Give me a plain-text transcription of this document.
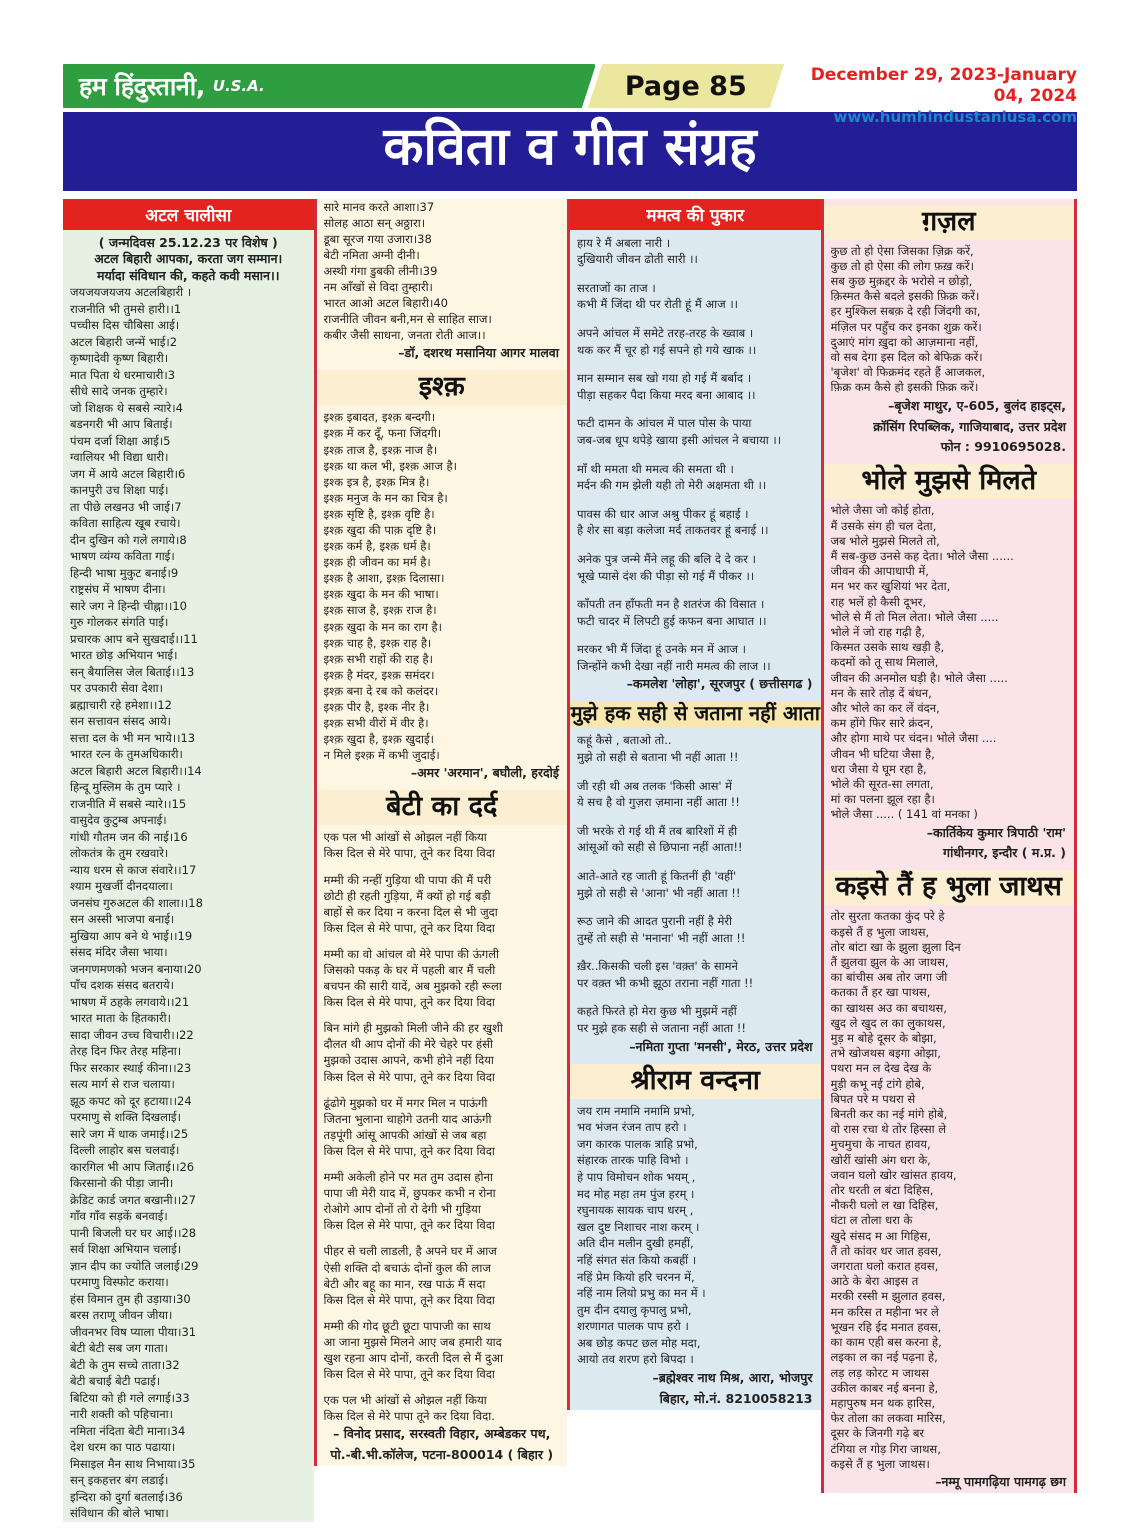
हम हिंदुस्तानी, U.S.A.	Page 85	December 29, 2023-January 04, 2024
www.humhindustaniusa.com
कविता व गीत संग्रह
अटल चालीसा
( जन्मदिवस 25.12.23 पर विशेष )
अटल बिहारी आपका, करता जग सम्मान।
मर्यादा संविधान की, कहते कवी मसान।।
जयजयजयजय अटलबिहारी ।
राजनीति भी तुमसे हारी।।1
पच्चीस दिस चौबिसा आई।
अटल बिहारी जन्में भाई।2
कृष्णादेवी कृष्ण बिहारी।
मात पिता थे धरमाचारी।3
सीधे सादे जनक तुम्हारे।
जो शिक्षक थे सबसे न्यारे।4
बडनगरी भी आप बिताई।
पंचम दर्जा शिक्षा आई।5
ग्वालियर भी विद्या धारी।
जग में आये अटल बिहारी।6
कानपुरी उच शिक्षा पाई।
ता पीछे लखनउ भी जाई।7
कविता साहित्य खूब रचाये।
दीन दुखिन को गले लगाये।8
भाषण व्यंग्य कविता गाई।
हिन्दी भाषा मुकुट बनाई।9
राष्ट्रसंघ में भाषण दीना।
सारे जग ने हिन्दी चीह्ना।।10
गुरु गोलकर संगति पाई।
प्रचारक आप बने सुखदाई।।11
भारत छोड़ अभियान भाई।
सन् बैयालिस जेल बिताई।।13
पर उपकारी सेवा देशा।
ब्रह्माचारी रहे हमेशा।।12
सन सत्तावन संसद आये।
सत्ता दल के भी मन भाये।।13
भारत रत्न के तुमअधिकारी।
अटल बिहारी अटल बिहारी।।14
हिन्दू मुस्लिम के तुम प्यारे ।
राजनीति में सबसे न्यारे।।15
वासुदेव कुटुम्ब अपनाई।
गांधी गौतम जन की नाई।16
लोकतंत्र के तुम रखवारे।
न्याय धरम से काज संवारे।।17
श्याम मुखर्जी दीनदयाला।
जनसंघ गुरुअटल की शाला।।18
सन अस्सी भाजपा बनाई।
मुखिया आप बने थे भाई।।19
संसद मंदिर जैसा भाया।
जनगणमणको भजन बनाया।20
पाँच दशक संसद बतराये।
भाषण में ठहके लगवाये।।21
भारत माता के हितकारी।
सादा जीवन उच्च विचारी।।22
तेरह दिन फिर तेरह महिना।
फिर सरकार स्थाई कीना।।23
सत्य मार्ग से राज चलाया।
झूठ कपट को दूर हटाया।।24
परमाणु से शक्ति दिखलाई।
सारे जग में धाक जमाई।।25
दिल्ली लाहोर बस चलवाई।
कारगिल भी आप जिताई।।26
किरसानो की पीड़ा जानी।
क्रेडिट कार्ड जगत बखानी।।27
गाँव गाँव सड़कें बनवाई।
पानी बिजली घर घर आई।।28
सर्व शिक्षा अभियान चलाई।
ज्ञान दीप का ज्योति जलाई।29
परमाणु विस्फोट कराया।
हंस विमान तुम ही उड़ाया।30
बरस तराणू जीवन जीया।
जीवनभर विष प्याला पीया।31
बेटी बेटी सब जग गाता।
बेटी के तुम सच्चे ताता।32
बेटी बचाई बेटी पढाई।
बिटिया को ही गले लगाई।33
नारी शक्ती को पहिचाना।
नमिता नंदिता बेटी माना।34
देश धरम का पाठ पढाया।
मिसाइल मैन साथ निभाया।35
सन् इकहत्तर बंग लडाई।
इन्दिरा को दुर्गा बतलाई।36
संविधान की बोले भाषा।
सारे मानव करते आशा।37
सोलह आठा सन् अठ्ठारा।
डूबा सूरज गया उजारा।38
बेटी नमिता अग्नी दीनी।
अस्थी गंगा डुबकी लीनी।39
नम आँखों से विदा तुम्हारी।
भारत आओ अटल बिहारी।40
राजनीति जीवन बनी,मन से साहित साज।
कबीर जैसी साधना, जनता रोती आज।।
–डॉ, दशरथ मसानिया आगर मालवा
इश्क़
इश्क़ इबादत, इश्क़ बन्दगी।
इश्क़ में कर दूँ, फना जिंदगी।
इश्क़ ताज है, इश्क़ नाज है।
इश्क़ था कल भी, इश्क़ आज है।
इश्क इत्र है, इश्क़ मित्र है।
इश्क़ मनुज के मन का चित्र है।
इश्क़ सृष्टि है, इश्क़ वृष्टि है।
इश्क़ खुदा की पाक़ दृष्टि है।
इश्क़ कर्म है, इश्क़ धर्म है।
इश्क़ ही जीवन का मर्म है।
इश्क़ है आशा, इश्क़ दिलासा।
इश्क़ खुदा के मन की भाषा।
इश्क़ साज है, इश्क़ राज है।
इश्क़ खुदा के मन का राग है।
इश्क़ चाह है, इश्क़ राह है।
इश्क़ सभी राहों की राह है।
इश्क़ है मंदर, इश्क़ समंदर।
इश्क़ बना दे रब को कलंदर।
इश्क़ पीर है, इश्क नीर है।
इश्क़ सभी वीरों में वीर है।
इश्क़ खुदा है, इश्क़ खुदाई।
न मिले इश्क़ में कभी जुदाई।
–अमर 'अरमान', बघौली, हरदोई
बेटी का दर्द
एक पल भी आंखों से ओझल नहीं किया
किस दिल से मेरे पापा, तूने कर दिया विदा
मम्मी की नन्हीं गुड़िया थी पापा की मैं परी
छोटी ही रहती गुड़िया, मैं क्यों हो गई बड़ी
बाहों से कर दिया न करना दिल से भी जुदा
किस दिल से मेरे पापा, तूने कर दिया विदा
मम्मी का वो आंचल वो मेरे पापा की ऊंगली
जिसको पकड़ के घर में पहली बार मैं चली
बचपन की सारी यादें, अब मुझको रही रूला
किस दिल से मेरे पापा, तूने कर दिया विदा
बिन मांगे ही मुझको मिली जीने की हर खुशी
दौलत थी आप दोनों की मेरे चेहरे पर हंसी
मुझको उदास आपने, कभी होने नहीं दिया
किस दिल से मेरे पापा, तूने कर दिया विदा
ढूंढोगे मुझको घर में मगर मिल न पाऊंगी
जितना भुलाना चाहोगे उतनी याद आऊंगी
तड़पूंगी आंसू आपकी आंखों से जब बहा
किस दिल से मेरे पापा, तूने कर दिया विदा
मम्मी अकेली होने पर मत तुम उदास होना
पापा जी मेरी याद में, छुपकर कभी न रोना
रोओगे आप दोनों तो रो देगी भी गुड़िया
किस दिल से मेरे पापा, तूने कर दिया विदा
पीहर से चली लाडली, है अपने घर में आज
ऐसी शक्ति दो बचाऊं दोनों कुल की लाज
बेटी और बहू का मान, रख पाऊं मैं सदा
किस दिल से मेरे पापा, तूने कर दिया विदा
मम्मी की गोद छूटी छूटा पापाजी का साथ
आ जाना मुझसे मिलने आए जब हमारी याद
खुश रहना आप दोनों, करती दिल से मैं दुआ
किस दिल से मेरे पापा, तूने कर दिया विदा
एक पल भी आंखों से ओझल नहीं किया
किस दिल से मेरे पापा तूने कर दिया विदा.
– विनोद प्रसाद, सरस्वती विहार, अम्बेडकर पथ,
पो.-बी.भी.कॉलेज, पटना-800014 ( बिहार )
ममत्व की पुकार
हाय रे मैं अबला नारी ।
दुखियारी जीवन ढोती सारी ।।
सरताजों का ताज ।
कभी मैं जिंदा थी पर रोती हूं मैं आज ।।
अपने आंचल में समेटे तरह-तरह के ख्वाब ।
थक कर मैं चूर हो गई सपने हो गये खाक ।।
मान सम्मान सब खो गया हो गई मैं बर्बाद ।
पीड़ा सहकर पैदा किया मरद बना आबाद ।।
फटी दामन के आंचल में पाल पोस के पाया
जब-जब धूप थपेड़े खाया इसी आंचल ने बचाया ।।
माँ थी ममता थी ममत्व की समता थी ।
मर्दन की गम झेली यही तो मेरी अक्षमता थी ।।
पावस की धार आज अश्रु पीकर हूं बहाई ।
है शेर सा बड़ा कलेजा मर्द ताकतवर हूं बनाई ।।
अनेक पुत्र जन्मे मैंने लहू की बलि दे दे कर ।
भूखे प्यासे दंश की पीड़ा सो गई मैं पीकर ।।
काँपती तन हाँफती मन है शतरंज की विसात ।
फटी चादर में लिपटी हुई कफन बना आघात ।।
मरकर भी मैं जिंदा हूं उनके मन में आज ।
जिन्होंने कभी देखा नहीं नारी ममत्व की लाज ।।
–कमलेश 'लोहा', सूरजपुर ( छत्तीसगढ )
मुझे हक सही से जताना नहीं आता
कहूं कैसे , बताओ तो..
मुझे तो सही से बताना भी नहीं आता !!
जी रही थी अब तलक 'किसी आस' में
ये सच है वो गुज़रा ज़माना नहीं आता !!
जी भरके रो गई थी मैं तब बारिशों में ही
आंसूओं को सही से छिपाना नहीं आता!!
आते-आते रह जाती हूं कितनीं ही 'वहीं'
मुझे तो सही से 'आना' भी नहीं आता !!
रूठ जाने की आदत पुरानी नहीं है मेरी
तुम्हें तो सही से 'मनाना' भी नहीं आता !!
खै़र..किसकी चली इस 'वक़्त' के सामने
पर वक़्त भी कभी झूठा तराना नहीं गाता !!
कहते फिरते हो मेरा कुछ भी मुझमें नहीं
पर मुझे हक सही से जताना नहीं आता !!
–नमिता गुप्ता 'मनसी', मेरठ, उत्तर प्रदेश
श्रीराम वन्दना
जय राम नमामि नमामि प्रभो,
भव भंजन रंजन ताप हरो ।
जग कारक पालक त्राहि प्रभो,
संहारक तारक पाहि विभो ।
हे पाप विमोचन शोक भयम् ,
मद मोह महा तम पुंज हरम् ।
रघुनायक सायक चाप धरम् ,
खल दुष्ट निशाचर नाश करम् ।
अति दीन मलीन दुखी हमहीं,
नहिं संगत संत कियो कबहीं ।
नहिं प्रेम कियो हरि चरनन में,
नहिं नाम लियो प्रभु का मन में ।
तुम दीन दयालु कृपालु प्रभो,
शरणागत पालक पाप हरो ।
अब छोड़ कपट छल मोह मदा,
आयो तव शरण हरो बिपदा ।
–ब्रह्मेश्वर नाथ मिश्र, आरा, भोजपुर
बिहार, मो.नं. 8210058213
ग़ज़ल
कुछ तो हो ऐसा जिसका ज़िक्र करें,
कुछ तो हो ऐसा की लोग फ़ख़ करें।
सब कुछ मुक़द्दर के भरोसे न छोड़ो,
क़िस्मत कैसे बदले इसकी फ़िक्र करें।
हर मुश्किल सबक़ दे रही जिंदगी का,
मंज़िल पर पहुँच कर इनका शुक्र करें।
दुआएं मांग ख़ुदा को आज़माना नहीं,
वो सब देगा इस दिल को बेफिक्र करें।
'बृजेश' वो फिक्रमंद रहते हैं आजकल,
फ़िक्र कम कैसे हो इसकी फ़िक्र करें।
–बृजेश माथुर, ए-605, बुलंद हाइट्स,
क्रॉसिंग रिपब्लिक, गाजियाबाद, उत्तर प्रदेश
फोन : 9910695028.
भोले मुझसे मिलते
भोले जैसा जो कोई होता,
मैं उसके संग ही चल देता,
जब भोले मुझसे मिलते तो,
मैं सब-कुछ उनसे कह देता। भोले जैसा ......
जीवन की आपाधापी में,
मन भर कर खुशियां भर देता,
राह भलें हो कैसी दूभर,
भोले से मैं तो मिल लेता। भोले जैसा .....
भोले नें जो राह गढ़ी है,
किस्मत उसके साथ खड़ी है,
कदमों को तू साथ मिलाले,
जीवन की अनमोल घड़ी है। भोले जैसा .....
मन के सारे तोड़ दें बंधन,
और भोले का कर लें वंदन,
कम होंगे फिर सारे क्रंदन,
और होगा माथे पर चंदन। भोले जैसा ....
जीवन भी घटिया जैसा है,
धरा जैसा ये घूम रहा है,
भोले की सूरत-सा लगता,
मां का पलना झूल रहा है।
भोले जैसा ..... ( 141 वां मनका )
–कार्तिकेय कुमार त्रिपाठी 'राम'
गांधीनगर, इन्दौर ( म.प्र. )
कइसे तैं ह भुला जाथस
तोर सुरता कतका कुंद परे हे
कइसे तैं ह भुला जाथस,
तोर बांटा खा के झुला झुला दिन
तैं झुलवा झुल के आ जाथस,
का बांचीस अब तोर जगा जी
कतका तैं हर खा पाथस,
का खाथस अउ का बचाथस,
खुद ले खुद ल का लुकाथस,
मुड़ म बोहे दूसर के बोझा,
तभे खोजथस बइगा ओझा,
पथरा मन ल देख देख के
मुड़ी कभू नई टांगे होबे,
बिपत परे म पथरा से
बिनती कर का नई मांगे होबे,
वो रास रचा थे तोर हिस्सा ले
मुचमुचा के नाचत हावय,
खोरीं खांसी अंग धरा के,
जवान घलो खोर खांसत हावय,
तोर धरती ल बंटा दिहिस,
नौकरी घलो ल खा दिहिस,
घंटा ल तोला धरा के
खुदे संसद म आ गिहिस,
तैं तो कांवर धर जात हवस,
जगराता घलो करात हवस,
आठे के बेरा आइस त
मरकी रस्सी म झुलात हवस,
मन करिस त महीना भर ले
भूखन रहि ईद मनात हवस,
का काम एही बस करना हे,
लइका ल का नई पढ़ना हे,
लड़ लड़ कोरट म जाथस
उकील काबर नई बनना हे,
महापुरुष मन थक हारिस,
फेर तोला का लकवा मारिस,
दूसर के जिनगी गढ़े बर
टंगिया ल गोड़ गिरा जाथस,
कइसे तैं ह भुला जाथस।
–नम्मू पामगढ़िया पामगढ़ छग
